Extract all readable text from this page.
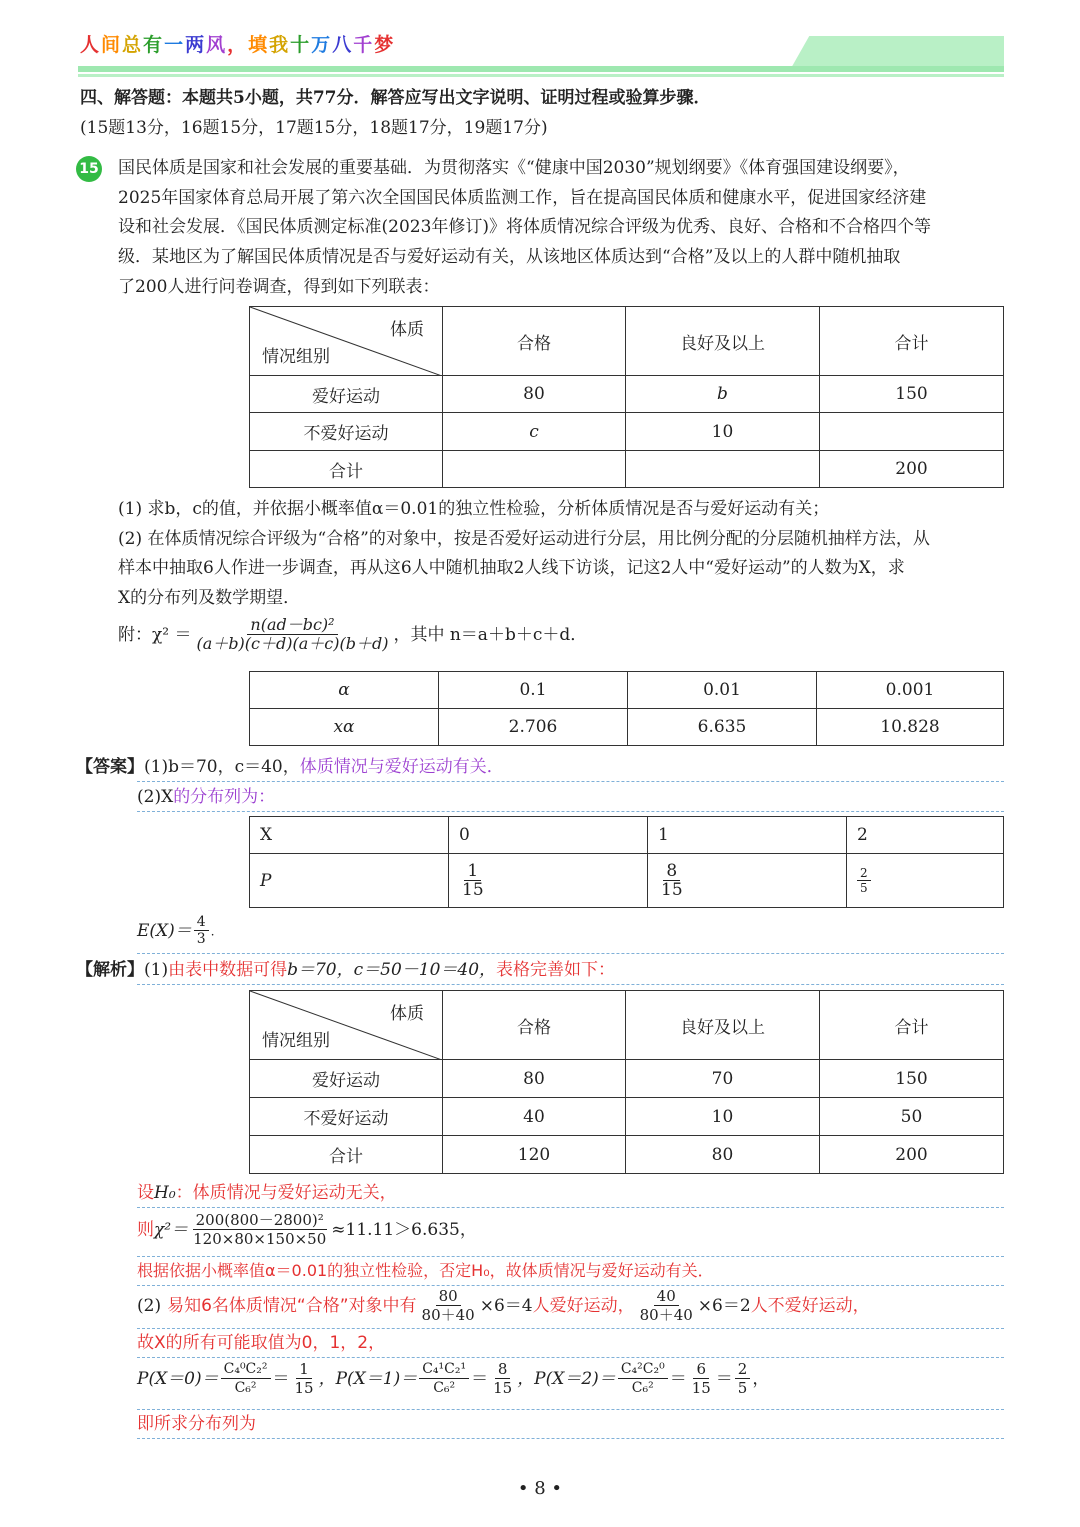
人间总有一两风，填我十万八千梦
四、解答题：本题共5小题，共77分．解答应写出文字说明、证明过程或验算步骤．
(15题13分，16题15分，17题15分，18题17分，19题17分)
15 国民体质是国家和社会发展的重要基础．为贯彻落实《“健康中国2030”规划纲要》《体育强国建设纲要》，
2025年国家体育总局开展了第六次全国国民体质监测工作，旨在提高国民体质和健康水平，促进国家经济建
设和社会发展．《国民体质测定标准(2023年修订)》将体质情况综合评级为优秀、良好、合格和不合格四个等
级．某地区为了解国民体质情况是否与爱好运动有关，从该地区体质达到“合格”及以上的人群中随机抽取
了200人进行问卷调查，得到如下列联表：
体质
情况组别	合格	良好及以上	合计
爱好运动	80	b	150
不爱好运动	c	10	
合计			200
(1) 求b，c的值，并依据小概率值α＝0.01的独立性检验，分析体质情况是否与爱好运动有关；
(2) 在体质情况综合评级为“合格”的对象中，按是否爱好运动进行分层，用比例分配的分层随机抽样方法，从
样本中抽取6人作进一步调查，再从这6人中随机抽取2人线下访谈，记这2人中“爱好运动”的人数为X，求
X的分布列及数学期望．
附：$\chi^2 = \frac{\text{n(ad－bc)²}}{(a+b)(c+d)(a+c)(b+d)}$ ，其中 n＝a＋b＋c＋d．
α	0.1	0.01	0.001
xα	2.706	6.635	10.828
【答案】(1)b＝70，c＝40，体质情况与爱好运动有关．
(2)X的分布列为：
X	0	1	2
P	$\frac{1}{15}$	$\frac{8}{15}$	$\frac{2}{5}$
$E(X)= \frac{4}{3}$ ．
【解析】(1)由表中数据可得b＝70，c＝50－10＝40，表格完善如下：
体质
情况组别	合格	良好及以上	合计
爱好运动	80	70	150
不爱好运动	40	10	50
合计	120	80	200
设H₀：体质情况与爱好运动无关，
则 $\chi^2= \frac{\text{200(800－2800)²}}{120\times 80\times 150\times 50} \approx 11.11>6.635$，
根据依据小概率值α＝0.01的独立性检验，否定H₀，故体质情况与爱好运动有关．
(2) 易知6名体质情况“合格”对象中有 $\frac{80}{80+40} \times 6=4$ 人爱好运动， $\frac{40}{80+40} \times 6=2$ 人不爱好运动，
故X的所有可能取值为0，1，2，
$P(X=0)= \frac{\text{C₄⁰C₂²}}{\text{C₆²}} = \frac{1}{15}$ ，$P(X=1)= \frac{\text{C₄¹C₂¹}}{\text{C₆²}} = \frac{8}{15}$ ，$P(X=2)= \frac{\text{C₄²C₂⁰}}{\text{C₆²}} = \frac{6}{15} = \frac{2}{5}$ ，
即所求分布列为
• 8 •
